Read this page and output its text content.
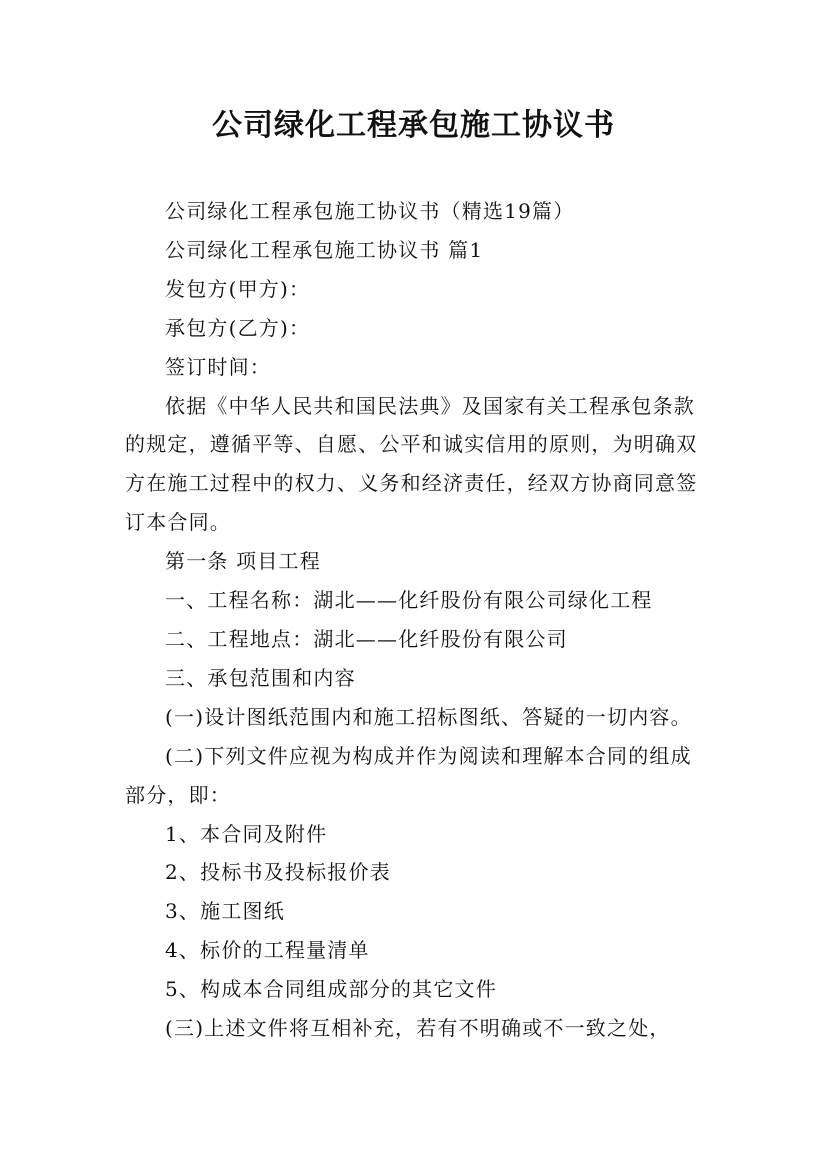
公司绿化工程承包施工协议书

公司绿化工程承包施工协议书（精选19篇）

公司绿化工程承包施工协议书 篇1

发包方(甲方)：

承包方(乙方)：

签订时间：

依据《中华人民共和国民法典》及国家有关工程承包条款的规定，遵循平等、自愿、公平和诚实信用的原则，为明确双方在施工过程中的权力、义务和经济责任，经双方协商同意签订本合同。

第一条 项目工程

一、工程名称：湖北——化纤股份有限公司绿化工程

二、工程地点：湖北——化纤股份有限公司

三、承包范围和内容

(一)设计图纸范围内和施工招标图纸、答疑的一切内容。

(二)下列文件应视为构成并作为阅读和理解本合同的组成部分，即：

1、本合同及附件

2、投标书及投标报价表

3、施工图纸

4、标价的工程量清单

5、构成本合同组成部分的其它文件

(三)上述文件将互相补充，若有不明确或不一致之处，
